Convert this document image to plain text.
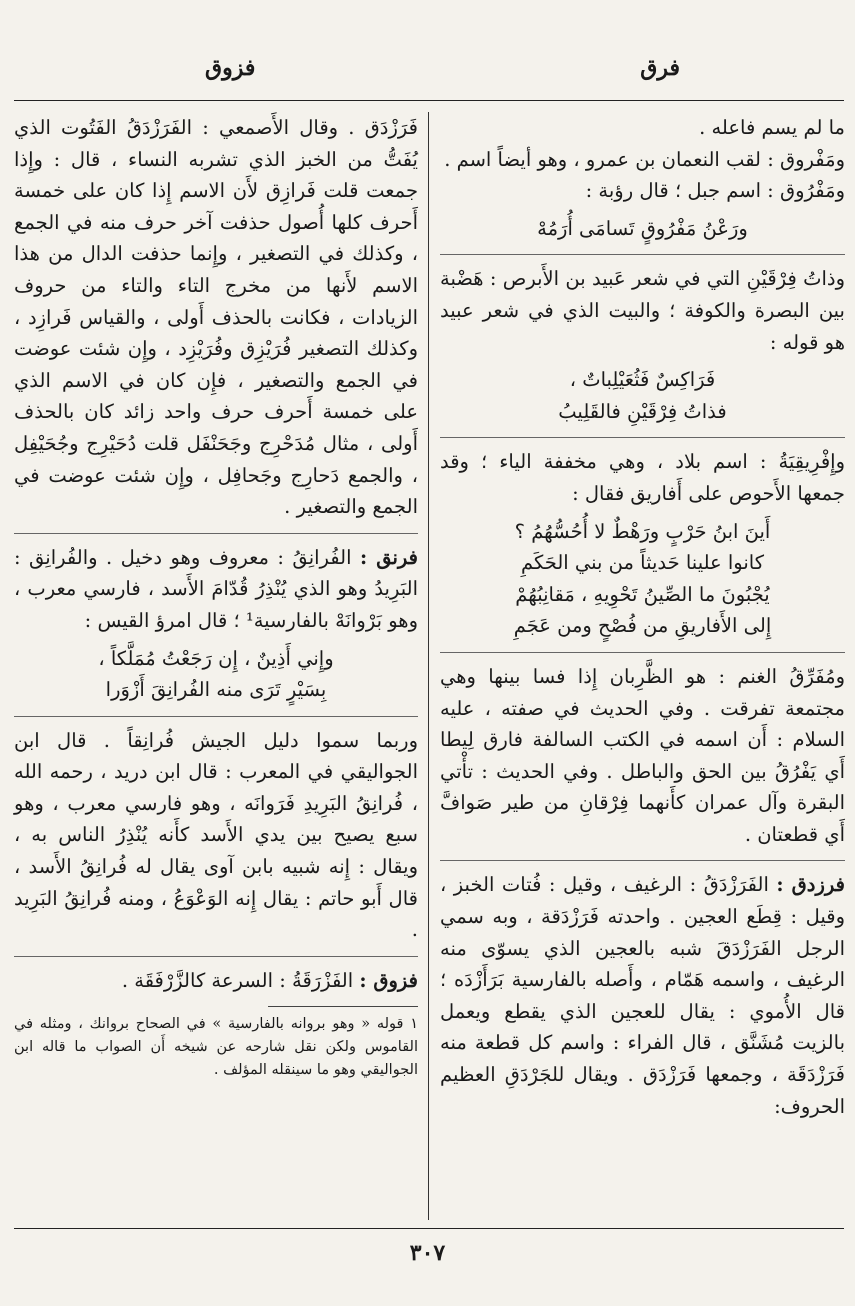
فرق
فزوق

ما لم يسم فاعله .

ومَفْروق : لقب النعمان بن عمرو ، وهو أيضاً اسم .

ومَفْرُوق : اسم جبل ؛ قال رؤبة :

ورَعْنُ مَفْرُوقٍ تَسامَى أُرَمُهْ

وذاتُ فِرْقَيْنِ التي في شعر عَبيد بن الأَبرص : هَضْبة بين البصرة والكوفة ؛ والبيت الذي في شعر عبيد هو قوله :

فَرَاكِسٌ فَثُعَيْلِباتٌ ،
فذاتُ فِرْقَيْنِ فالقَلِيبُ

وإِفْرِيقِيَةُ : اسم بلاد ، وهي مخففة الياء ؛ وقد جمعها الأَحوص على أَفاريق فقال :

أَينَ ابنُ حَرْبٍ ورَهْطٌ لا أُحُسُّهُمُ ؟
كانوا علينا حَديثاً من بني الحَكَمِ
يُجْبُونَ ما الصِّينُ تَحْوِيهِ ، مَقانِبُهُمْ
إِلى الأَفاريقِ من فُصْحٍ ومن عَجَمِ

ومُفَرِّقُ الغنم : هو الظَّرِبان إِذا فسا بينها وهي مجتمعة تفرقت . وفي الحديث في صفته ، عليه السلام : أَن اسمه في الكتب السالفة فارق لِيطا أَي يَفْرُقُ بين الحق والباطل . وفي الحديث : تأْتي البقرة وآل عمران كأَنهما فِرْقانِ من طير صَوافَّ أَي قطعتان .

فرزدق : الفَرَزْدَقُ : الرغيف ، وقيل : فُتات الخبز ، وقيل : قِطَع العجين . واحدته فَرَزْدَقة ، وبه سمي الرجل الفَرَزْدَقَ شبه بالعجين الذي يسوّى منه الرغيف ، واسمه هَمّام ، وأَصله بالفارسية بَرَأَزْدَه ؛ قال الأُموي : يقال للعجين الذي يقطع ويعمل بالزيت مُشَنَّق ، قال الفراء : واسم كل قطعة منه فَرَزْدَقَة ، وجمعها فَرَزْدَق . ويقال للجَرْدَقِ العظيم الحروف:

فَرَزْدَق . وقال الأَصمعي : الفَرَزْدَقُ الفَتُوت الذي يُفَتُّ من الخبز الذي تشربه النساء ، قال : وإِذا جمعت قلت فَرازِق لأَن الاسم إِذا كان على خمسة أَحرف كلها أُصول حذفت آخر حرف منه في الجمع ، وكذلك في التصغير ، وإِنما حذفت الدال من هذا الاسم لأَنها من مخرج التاء والتاء من حروف الزيادات ، فكانت بالحذف أَولى ، والقياس فَرازِد ، وكذلك التصغير فُرَيْزِق وفُرَيْزِد ، وإِن شئت عوضت في الجمع والتصغير ، فإِن كان في الاسم الذي على خمسة أَحرف حرف واحد زائد كان بالحذف أَولى ، مثال مُدَحْرِج وجَحَنْفَل قلت دُحَيْرِج وجُحَيْفِل ، والجمع دَحارِج وجَحافِل ، وإِن شئت عوضت في الجمع والتصغير .

فرنق : الفُرانِقُ : معروف وهو دخيل . والفُرانِق : البَرِيدُ وهو الذي يُنْذِرُ قُدّامَ الأَسد ، فارسي معرب ، وهو بَرْوانَهْ بالفارسية¹ ؛ قال امرؤ القيس :

وإِني أَذِينٌ ، إِن رَجَعْتُ مُمَلَّكاً ،
بِسَيْرٍ تَرَى منه الفُرانِقَ أَزْوَرا

وربما سموا دليل الجيش فُرانِقاً . قال ابن الجواليقي في المعرب : قال ابن دريد ، رحمه الله ، فُرانِقُ البَرِيدِ فَرَوانَه ، وهو فارسي معرب ، وهو سبع يصيح بين يدي الأَسد كأَنه يُنْذِرُ الناس به ، ويقال : إِنه شبيه بابن آوى يقال له فُرانِقُ الأَسد ، قال أَبو حاتم : يقال إِنه الوَعْوَعُ ، ومنه فُرانِقُ البَرِيد .

فزوق : الفَزْرَقَةُ : السرعة كالزَّرْفَقَة .

١ قوله « وهو بروانه بالفارسية » في الصحاح بروانك ، ومثله في القاموس ولكن نقل شارحه عن شيخه أَن الصواب ما قاله ابن الجواليقي وهو ما سينقله المؤلف .

٣٠٧
